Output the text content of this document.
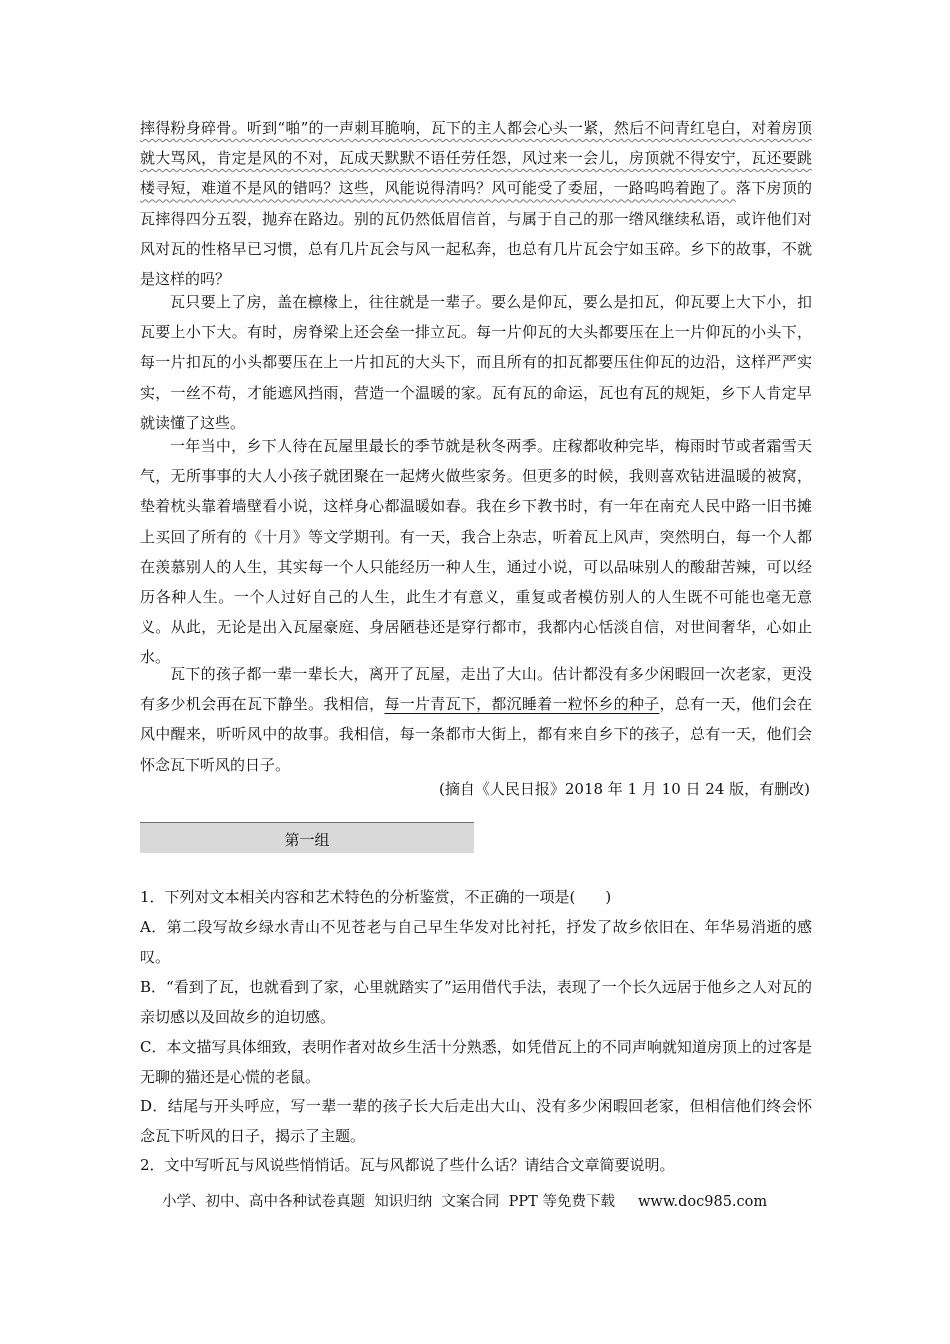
摔得粉身碎骨。听到“啪”的一声刺耳脆响，瓦下的主人都会心头一紧，然后不问青红皂白，对着房顶就大骂风，肯定是风的不对，瓦成天默默不语任劳任怨，风过来一会儿，房顶就不得安宁，瓦还要跳楼寻短，难道不是风的错吗？这些，风能说得清吗？风可能受了委屈，一路呜呜着跑了。落下房顶的瓦摔得四分五裂，抛弃在路边。别的瓦仍然低眉信首，与属于自己的那一绺风继续私语，或许他们对风对瓦的性格早已习惯，总有几片瓦会与风一起私奔，也总有几片瓦会宁如玉碎。乡下的故事，不就是这样的吗？

瓦只要上了房，盖在檩椽上，往往就是一辈子。要么是仰瓦，要么是扣瓦，仰瓦要上大下小，扣瓦要上小下大。有时，房脊梁上还会垒一排立瓦。每一片仰瓦的大头都要压在上一片仰瓦的小头下，每一片扣瓦的小头都要压在上一片扣瓦的大头下，而且所有的扣瓦都要压住仰瓦的边沿，这样严严实实，一丝不苟，才能遮风挡雨，营造一个温暖的家。瓦有瓦的命运，瓦也有瓦的规矩，乡下人肯定早就读懂了这些。

一年当中，乡下人待在瓦屋里最长的季节就是秋冬两季。庄稼都收种完毕，梅雨时节或者霜雪天气，无所事事的大人小孩子就团聚在一起烤火做些家务。但更多的时候，我则喜欢钻进温暖的被窝，垫着枕头靠着墙壁看小说，这样身心都温暖如春。我在乡下教书时，有一年在南充人民中路一旧书摊上买回了所有的《十月》等文学期刊。有一天，我合上杂志，听着瓦上风声，突然明白，每一个人都在羡慕别人的人生，其实每一个人只能经历一种人生，通过小说，可以品味别人的酸甜苦辣，可以经历各种人生。一个人过好自己的人生，此生才有意义，重复或者模仿别人的人生既不可能也毫无意义。从此，无论是出入瓦屋豪庭、身居陋巷还是穿行都市，我都内心恬淡自信，对世间奢华，心如止水。

瓦下的孩子都一辈一辈长大，离开了瓦屋，走出了大山。估计都没有多少闲暇回一次老家，更没有多少机会再在瓦下静坐。我相信，每一片青瓦下，都沉睡着一粒怀乡的种子，总有一天，他们会在风中醒来，听听风中的故事。我相信，每一条都市大街上，都有来自乡下的孩子，总有一天，他们会怀念瓦下听风的日子。

(摘自《人民日报》2018 年 1 月 10 日 24 版，有删改)
第一组

1．下列对文本相关内容和艺术特色的分析鉴赏，不正确的一项是(　　)

A．第二段写故乡绿水青山不见苍老与自己早生华发对比衬托，抒发了故乡依旧在、年华易消逝的感叹。

B．“看到了瓦，也就看到了家，心里就踏实了”运用借代手法，表现了一个长久远居于他乡之人对瓦的亲切感以及回故乡的迫切感。

C．本文描写具体细致，表明作者对故乡生活十分熟悉，如凭借瓦上的不同声响就知道房顶上的过客是无聊的猫还是心慌的老鼠。

D．结尾与开头呼应，写一辈一辈的孩子长大后走出大山、没有多少闲暇回老家，但相信他们终会怀念瓦下听风的日子，揭示了主题。

2．文中写听瓦与风说些悄悄话。瓦与风都说了些什么话？请结合文章简要说明。

小学、初中、高中各种试卷真题  知识归纳  文案合同  PPT 等免费下载     www.doc985.com
